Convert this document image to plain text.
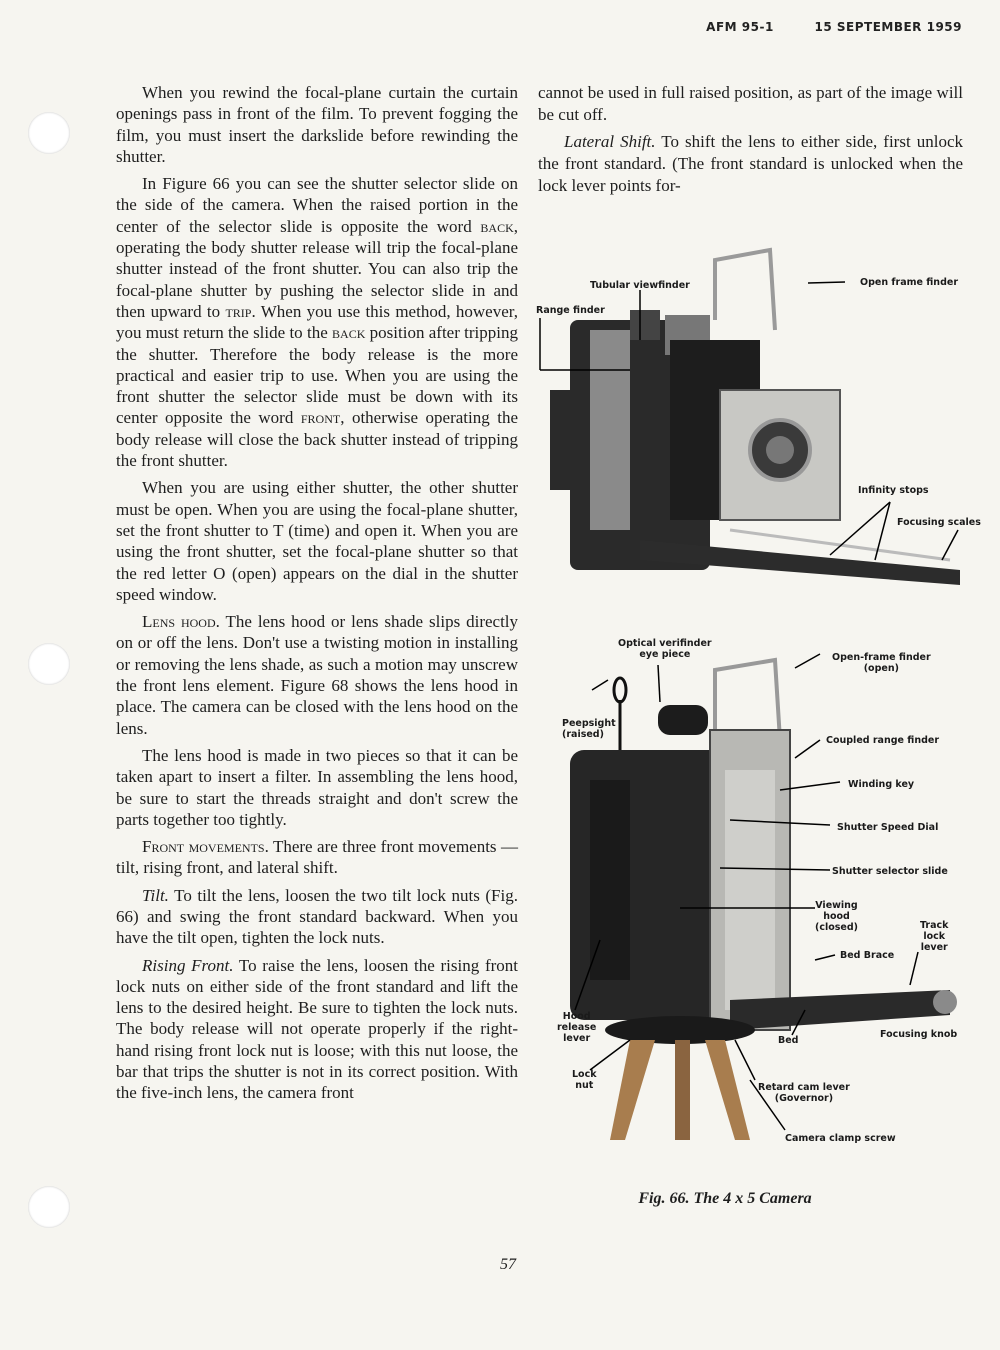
AFM 95-1	15 SEPTEMBER 1959

When you rewind the focal-plane curtain the curtain openings pass in front of the film. To prevent fogging the film, you must insert the darkslide before rewinding the shutter.

In Figure 66 you can see the shutter selector slide on the side of the camera. When the raised portion in the center of the selector slide is opposite the word back, operating the body shutter release will trip the focal-plane shutter instead of the front shutter. You can also trip the focal-plane shutter by pushing the selector slide in and then upward to trip. When you use this method, however, you must return the slide to the back position after tripping the shutter. Therefore the body release is the more practical and easier trip to use. When you are using the front shutter the selector slide must be down with its center opposite the word front, otherwise operating the body release will close the back shutter instead of tripping the front shutter.

When you are using either shutter, the other shutter must be open. When you are using the focal-plane shutter, set the front shutter to T (time) and open it. When you are using the front shutter, set the focal-plane shutter so that the red letter O (open) appears on the dial in the shutter speed window.

Lens hood. The lens hood or lens shade slips directly on or off the lens. Don't use a twisting motion in installing or removing the lens shade, as such a motion may unscrew the front lens element. Figure 68 shows the lens hood in place. The camera can be closed with the lens hood on the lens.

The lens hood is made in two pieces so that it can be taken apart to insert a filter. In assembling the lens hood, be sure to start the threads straight and don't screw the parts together too tightly.

Front movements. There are three front movements — tilt, rising front, and lateral shift.

Tilt. To tilt the lens, loosen the two tilt lock nuts (Fig. 66) and swing the front standard backward. When you have the tilt open, tighten the lock nuts.

Rising Front. To raise the lens, loosen the rising front lock nuts on either side of the front standard and lift the lens to the desired height. Be sure to tighten the lock nuts. The body release will not operate properly if the right-hand rising front lock nut is loose; with this nut loose, the bar that trips the shutter is not in its correct position. With the five-inch lens, the camera front

cannot be used in full raised position, as part of the image will be cut off.

Lateral Shift. To shift the lens to either side, first unlock the front standard. (The front standard is unlocked when the lock lever points for-

Tubular viewfinder
Range finder
Open frame finder
Infinity stops
Focusing scales
Optical verifinder
eye piece	Open-frame finder
(open)
Peepsight
(raised)
Coupled range finder
Winding key
Shutter Speed Dial
Shutter selector slide
Viewing
hood
(closed)	Track
lock
lever
Bed Brace
Hood
release
lever	Focusing knob
Bed
Lock
nut	Retard cam lever
(Governor)
Camera clamp screw
Fig. 66. The 4 x 5 Camera
57
